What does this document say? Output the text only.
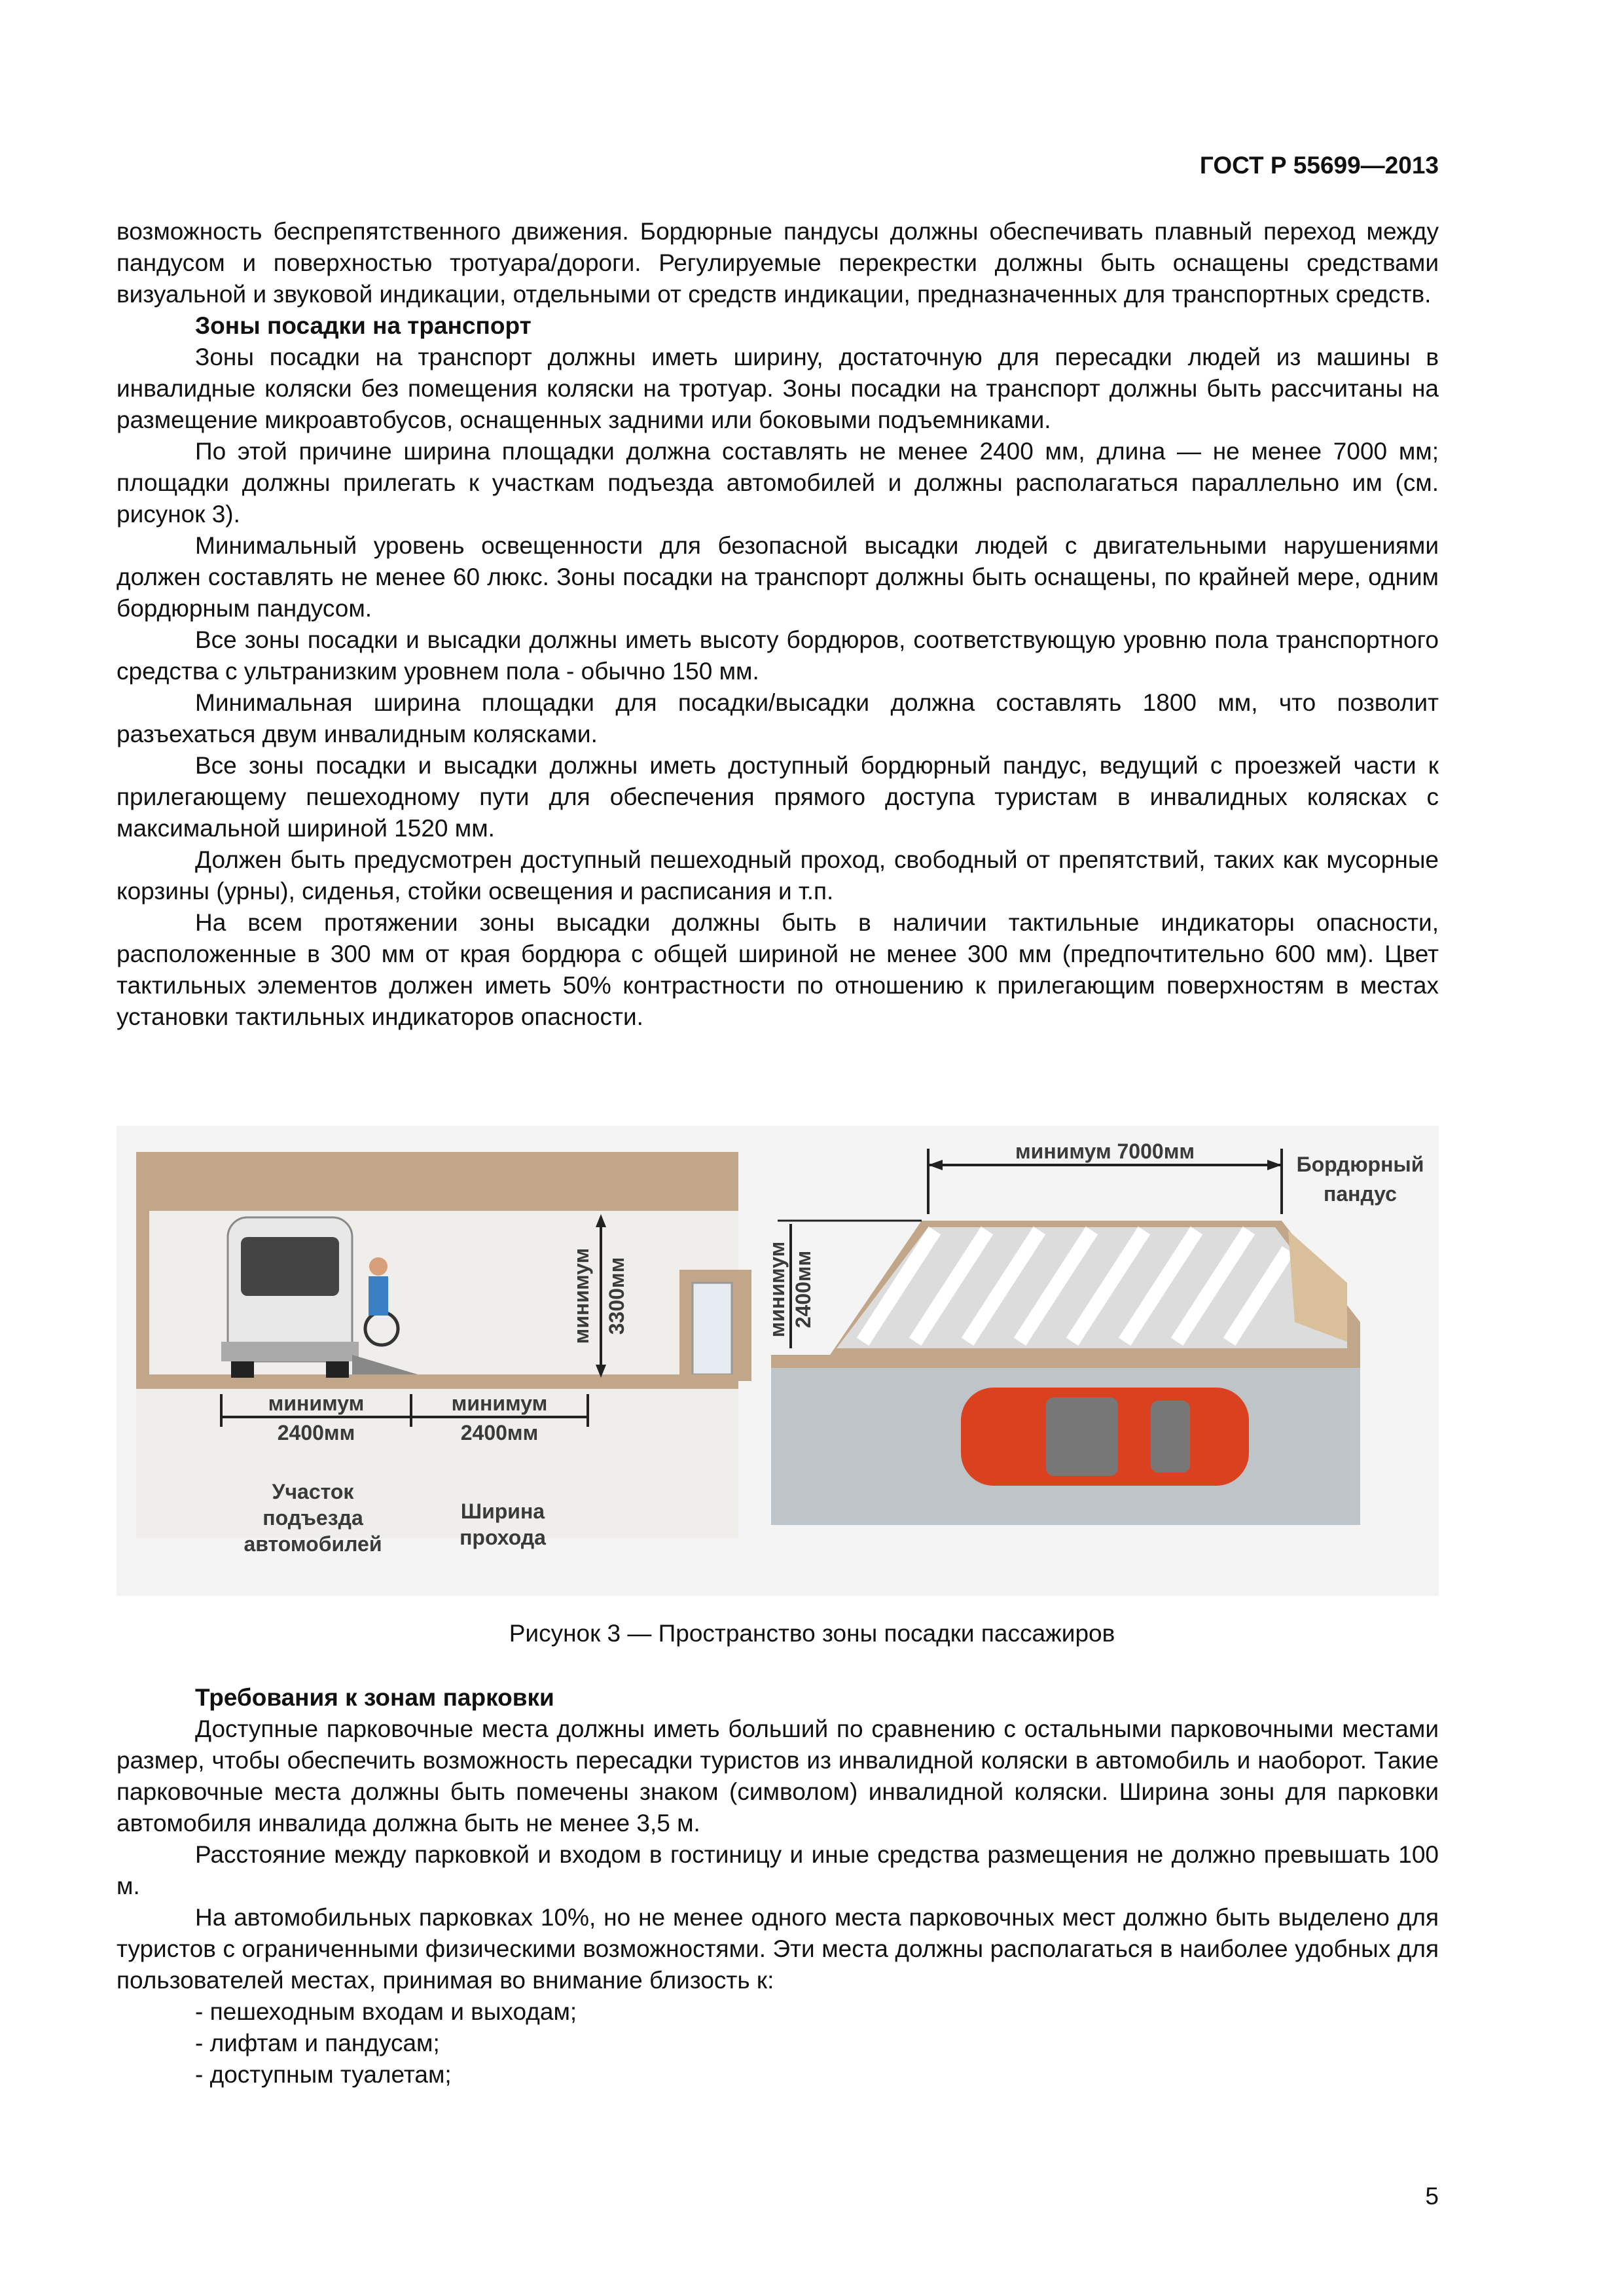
ГОСТ Р 55699—2013

возможность беспрепятственного движения. Бордюрные пандусы должны обеспечивать плавный переход между пандусом и поверхностью тротуара/дороги. Регулируемые перекрестки должны быть оснащены средствами визуальной и звуковой индикации, отдельными от средств индикации, предназначенных для транспортных средств.

Зоны посадки на транспорт

Зоны посадки на транспорт должны иметь ширину, достаточную для пересадки людей из машины в инвалидные коляски без помещения коляски на тротуар. Зоны посадки на транспорт должны быть рассчитаны на размещение микроавтобусов, оснащенных задними или боковыми подъемниками.

По этой причине ширина площадки должна составлять не менее 2400 мм, длина — не менее 7000 мм; площадки должны прилегать к участкам подъезда автомобилей и должны располагаться параллельно им (см. рисунок 3).

Минимальный уровень освещенности для безопасной высадки людей с двигательными нарушениями должен составлять не менее 60 люкс. Зоны посадки на транспорт должны быть оснащены, по крайней мере, одним бордюрным пандусом.

Все зоны посадки и высадки должны иметь высоту бордюров, соответствующую уровню пола транспортного средства с ультранизким уровнем пола - обычно 150 мм.

Минимальная ширина площадки для посадки/высадки должна составлять 1800 мм, что позволит разъехаться двум инвалидным колясками.

Все зоны посадки и высадки должны иметь доступный бордюрный пандус, ведущий с проезжей части к прилегающему пешеходному пути для обеспечения прямого доступа туристам в инвалидных колясках с максимальной шириной 1520 мм.

Должен быть предусмотрен доступный пешеходный проход, свободный от препятствий, таких как мусорные корзины (урны), сиденья, стойки освещения и расписания и т.п.

На всем протяжении зоны высадки должны быть в наличии тактильные индикаторы опасности, расположенные в 300 мм от края бордюра с общей шириной не менее 300 мм (предпочтительно 600 мм). Цвет тактильных элементов должен иметь 50% контрастности по отношению к прилегающим поверхностям в местах установки тактильных индикаторов опасности.

минимум 3300мм
минимум
2400мм
минимум
2400мм
Участок
подъезда
автомобилей
Ширина
прохода
минимум 7000мм
минимум 2400мм
Бордюрный
пандус
Рисунок 3 — Пространство зоны посадки пассажиров
Требования к зонам парковки

Доступные парковочные места должны иметь больший по сравнению с остальными парковочными местами размер, чтобы обеспечить возможность пересадки туристов из инвалидной коляски в автомобиль и наоборот. Такие парковочные места должны быть помечены знаком (символом) инвалидной коляски. Ширина зоны для парковки автомобиля инвалида должна быть не менее 3,5 м.

Расстояние между парковкой и входом в гостиницу и иные средства размещения не должно превышать 100 м.

На автомобильных парковках 10%, но не менее одного места парковочных мест должно быть выделено для туристов с ограниченными физическими возможностями. Эти места должны располагаться в наиболее удобных для пользователей местах, принимая во внимание близость к:

- пешеходным входам и выходам;

- лифтам и пандусам;

- доступным туалетам;

5
